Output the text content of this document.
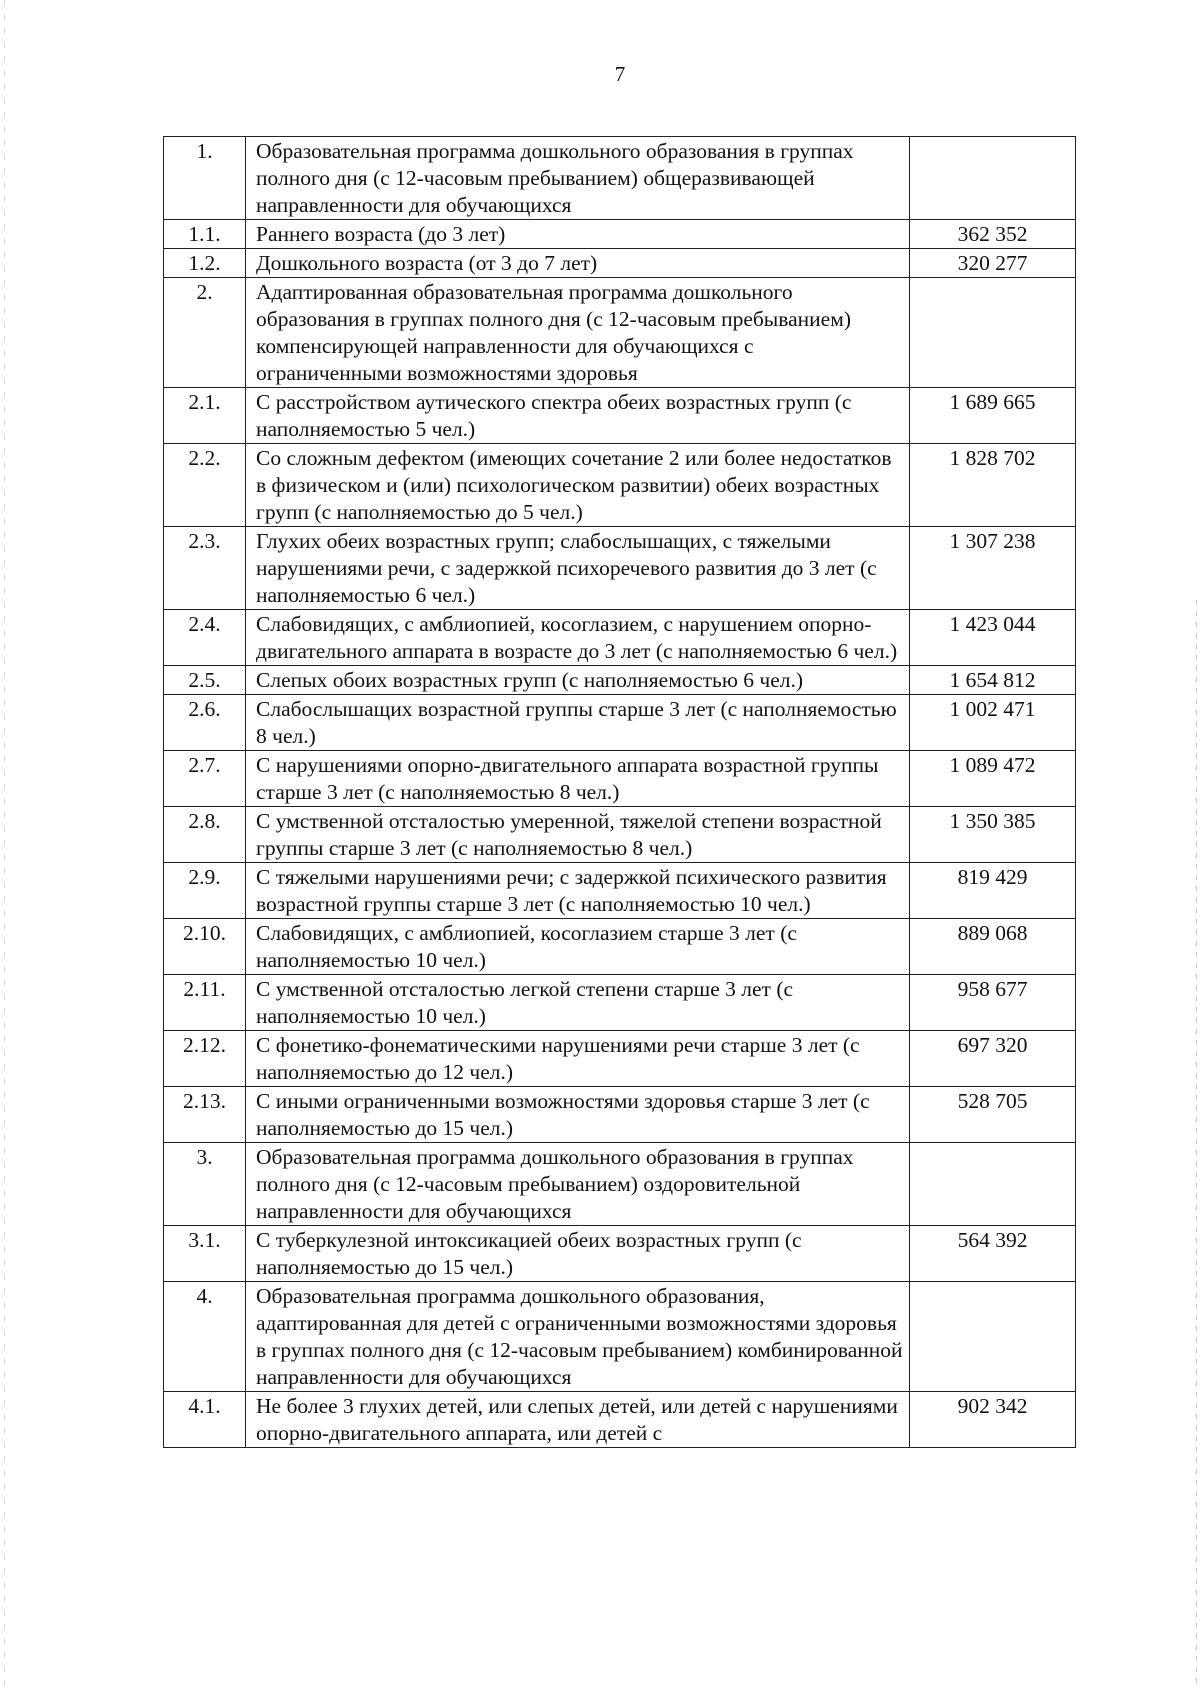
7
1.	Образовательная программа дошкольного образования в группах полного дня (с 12-часовым пребыванием) общеразвивающей направленности для обучающихся	
1.1.	Раннего возраста (до 3 лет)	362 352
1.2.	Дошкольного возраста (от 3 до 7 лет)	320 277
2.	Адаптированная образовательная программа дошкольного образования в группах полного дня (с 12-часовым пребыванием) компенсирующей направленности для обучающихся с ограниченными возможностями здоровья	
2.1.	С расстройством аутического спектра обеих возрастных групп (с наполняемостью 5 чел.)	1 689 665
2.2.	Со сложным дефектом (имеющих сочетание 2 или более недостатков в физическом и (или) психологическом развитии) обеих возрастных групп (с наполняемостью до 5 чел.)	1 828 702
2.3.	Глухих обеих возрастных групп; слабослышащих, с тяжелыми нарушениями речи, с задержкой психоречевого развития до 3 лет (с наполняемостью 6 чел.)	1 307 238
2.4.	Слабовидящих, с амблиопией, косоглазием, с нарушением опорно-двигательного аппарата в возрасте до 3 лет (с наполняемостью 6 чел.)	1 423 044
2.5.	Слепых обоих возрастных групп (с наполняемостью 6 чел.)	1 654 812
2.6.	Слабослышащих возрастной группы старше 3 лет (с наполняемостью 8 чел.)	1 002 471
2.7.	С нарушениями опорно-двигательного аппарата возрастной группы старше 3 лет (с наполняемостью 8 чел.)	1 089 472
2.8.	С умственной отсталостью умеренной, тяжелой степени возрастной группы старше 3 лет (с наполняемостью 8 чел.)	1 350 385
2.9.	С тяжелыми нарушениями речи; с задержкой психического развития возрастной группы старше 3 лет (с наполняемостью 10 чел.)	819 429
2.10.	Слабовидящих, с амблиопией, косоглазием старше 3 лет (с наполняемостью 10 чел.)	889 068
2.11.	С умственной отсталостью легкой степени старше 3 лет (с наполняемостью 10 чел.)	958 677
2.12.	С фонетико-фонематическими нарушениями речи старше 3 лет (с наполняемостью до 12 чел.)	697 320
2.13.	С иными ограниченными возможностями здоровья старше 3 лет (с наполняемостью до 15 чел.)	528 705
3.	Образовательная программа дошкольного образования в группах полного дня (с 12-часовым пребыванием) оздоровительной направленности для обучающихся	
3.1.	С туберкулезной интоксикацией обеих возрастных групп (с наполняемостью до 15 чел.)	564 392
4.	Образовательная программа дошкольного образования, адаптированная для детей с ограниченными возможностями здоровья в группах полного дня (с 12-часовым пребыванием) комбинированной направленности для обучающихся	
4.1.	Не более 3 глухих детей, или слепых детей, или детей с нарушениями опорно-двигательного аппарата, или детей с	902 342
